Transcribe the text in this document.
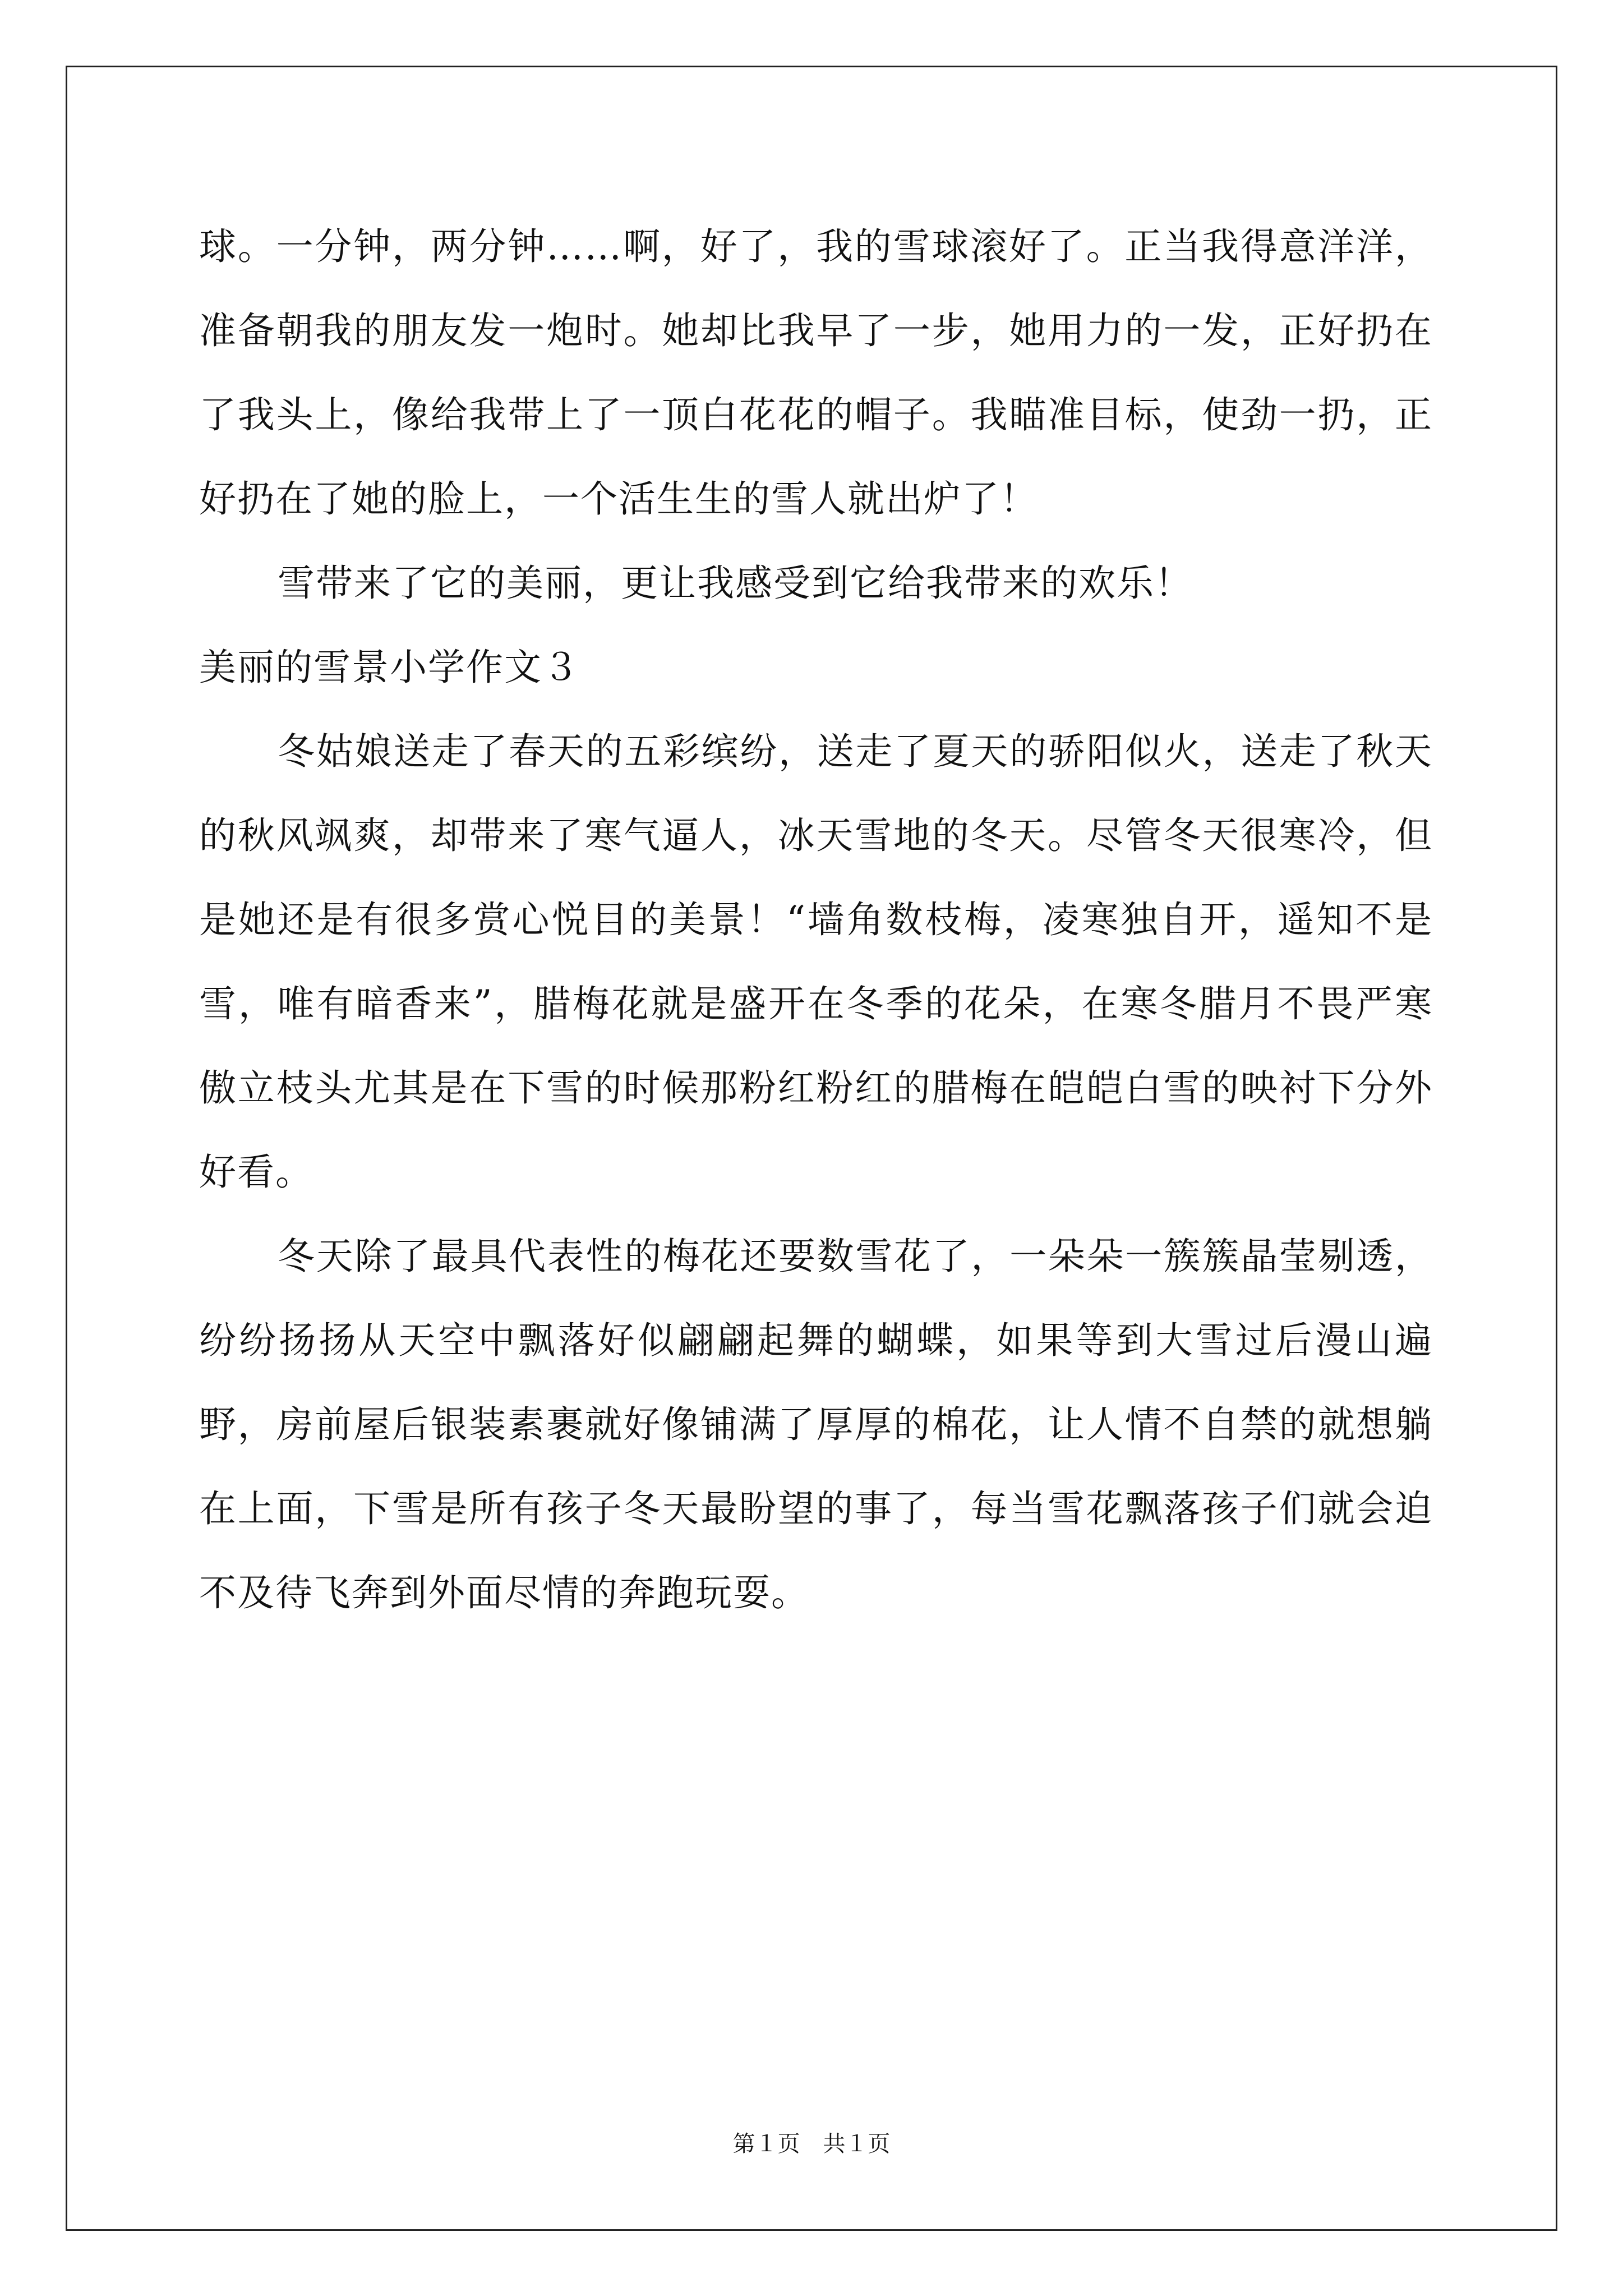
球。一分钟，两分钟……啊，好了，我的雪球滚好了。正当我得意洋洋，准备朝我的朋友发一炮时。她却比我早了一步，她用力的一发，正好扔在了我头上，像给我带上了一顶白花花的帽子。我瞄准目标，使劲一扔，正好扔在了她的脸上，一个活生生的雪人就出炉了！

雪带来了它的美丽，更让我感受到它给我带来的欢乐！

美丽的雪景小学作文３

冬姑娘送走了春天的五彩缤纷，送走了夏天的骄阳似火，送走了秋天的秋风飒爽，却带来了寒气逼人，冰天雪地的冬天。尽管冬天很寒冷，但是她还是有很多赏心悦目的美景！“墙角数枝梅，凌寒独自开，遥知不是雪，唯有暗香来”，腊梅花就是盛开在冬季的花朵，在寒冬腊月不畏严寒傲立枝头尤其是在下雪的时候那粉红粉红的腊梅在皑皑白雪的映衬下分外好看。

冬天除了最具代表性的梅花还要数雪花了，一朵朵一簇簇晶莹剔透，纷纷扬扬从天空中飘落好似翩翩起舞的蝴蝶，如果等到大雪过后漫山遍野，房前屋后银装素裹就好像铺满了厚厚的棉花，让人情不自禁的就想躺在上面，下雪是所有孩子冬天最盼望的事了，每当雪花飘落孩子们就会迫不及待飞奔到外面尽情的奔跑玩耍。

第１页 共１页
